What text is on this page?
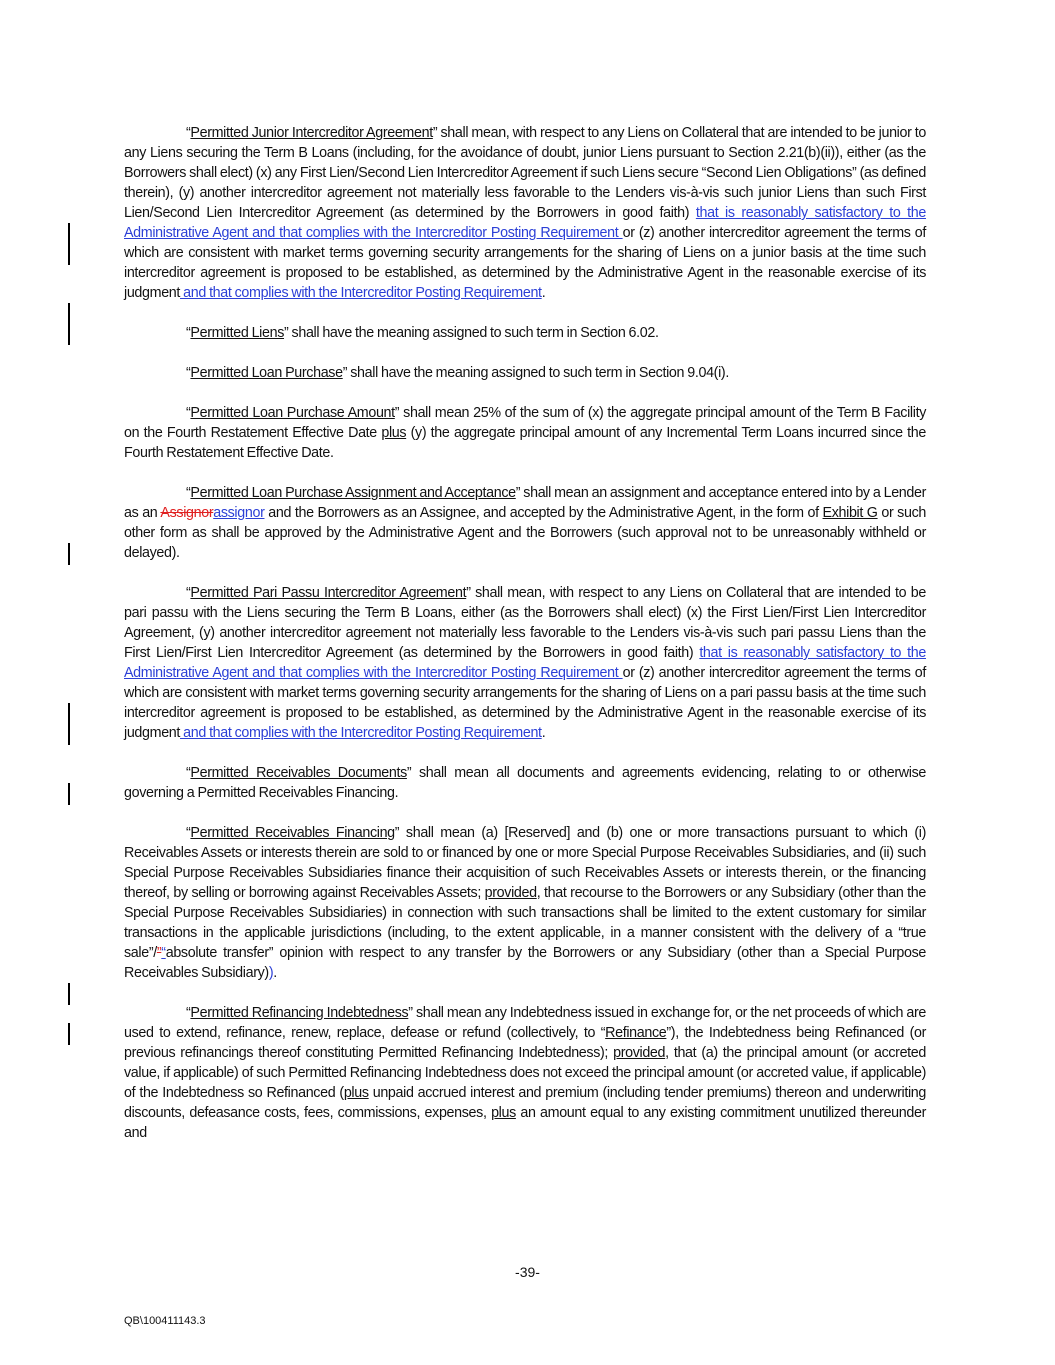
“Permitted Junior Intercreditor Agreement” shall mean, with respect to any Liens on Collateral that are intended to be junior to any Liens securing the Term B Loans (including, for the avoidance of doubt, junior Liens pursuant to Section 2.21(b)(ii)), either (as the Borrowers shall elect) (x) any First Lien/Second Lien Intercreditor Agreement if such Liens secure “Second Lien Obligations” (as defined therein), (y) another intercreditor agreement not materially less favorable to the Lenders vis-à-vis such junior Liens than such First Lien/Second Lien Intercreditor Agreement (as determined by the Borrowers in good faith) that is reasonably satisfactory to the Administrative Agent and that complies with the Intercreditor Posting Requirement or (z) another intercreditor agreement the terms of which are consistent with market terms governing security arrangements for the sharing of Liens on a junior basis at the time such intercreditor agreement is proposed to be established, as determined by the Administrative Agent in the reasonable exercise of its judgment and that complies with the Intercreditor Posting Requirement.

“Permitted Liens” shall have the meaning assigned to such term in Section 6.02.

“Permitted Loan Purchase” shall have the meaning assigned to such term in Section 9.04(i).

“Permitted Loan Purchase Amount” shall mean 25% of the sum of (x) the aggregate principal amount of the Term B Facility on the Fourth Restatement Effective Date plus (y) the aggregate principal amount of any Incremental Term Loans incurred since the Fourth Restatement Effective Date.

“Permitted Loan Purchase Assignment and Acceptance” shall mean an assignment and acceptance entered into by a Lender as an Assignorassignor and the Borrowers as an Assignee, and accepted by the Administrative Agent, in the form of Exhibit G or such other form as shall be approved by the Administrative Agent and the Borrowers (such approval not to be unreasonably withheld or delayed).

“Permitted Pari Passu Intercreditor Agreement” shall mean, with respect to any Liens on Collateral that are intended to be pari passu with the Liens securing the Term B Loans, either (as the Borrowers shall elect) (x) the First Lien/First Lien Intercreditor Agreement, (y) another intercreditor agreement not materially less favorable to the Lenders vis-à-vis such pari passu Liens than the First Lien/First Lien Intercreditor Agreement (as determined by the Borrowers in good faith) that is reasonably satisfactory to the Administrative Agent and that complies with the Intercreditor Posting Requirement or (z) another intercreditor agreement the terms of which are consistent with market terms governing security arrangements for the sharing of Liens on a pari passu basis at the time such intercreditor agreement is proposed to be established, as determined by the Administrative Agent in the reasonable exercise of its judgment and that complies with the Intercreditor Posting Requirement.

“Permitted Receivables Documents” shall mean all documents and agreements evidencing, relating to or otherwise governing a Permitted Receivables Financing.

“Permitted Receivables Financing” shall mean (a) [Reserved] and (b) one or more transactions pursuant to which (i) Receivables Assets or interests therein are sold to or financed by one or more Special Purpose Receivables Subsidiaries, and (ii) such Special Purpose Receivables Subsidiaries finance their acquisition of such Receivables Assets or interests therein, or the financing thereof, by selling or borrowing against Receivables Assets; provided, that recourse to the Borrowers or any Subsidiary (other than the Special Purpose Receivables Subsidiaries) in connection with such transactions shall be limited to the extent customary for similar transactions in the applicable jurisdictions (including, to the extent applicable, in a manner consistent with the delivery of a “true sale”/”“absolute transfer” opinion with respect to any transfer by the Borrowers or any Subsidiary (other than a Special Purpose Receivables Subsidiary)).

“Permitted Refinancing Indebtedness” shall mean any Indebtedness issued in exchange for, or the net proceeds of which are used to extend, refinance, renew, replace, defease or refund (collectively, to “Refinance”), the Indebtedness being Refinanced (or previous refinancings thereof constituting Permitted Refinancing Indebtedness); provided, that (a) the principal amount (or accreted value, if applicable) of such Permitted Refinancing Indebtedness does not exceed the principal amount (or accreted value, if applicable) of the Indebtedness so Refinanced (plus unpaid accrued interest and premium (including tender premiums) thereon and underwriting discounts, defeasance costs, fees, commissions, expenses, plus an amount equal to any existing commitment unutilized thereunder and

-39-
QB\100411143.3
